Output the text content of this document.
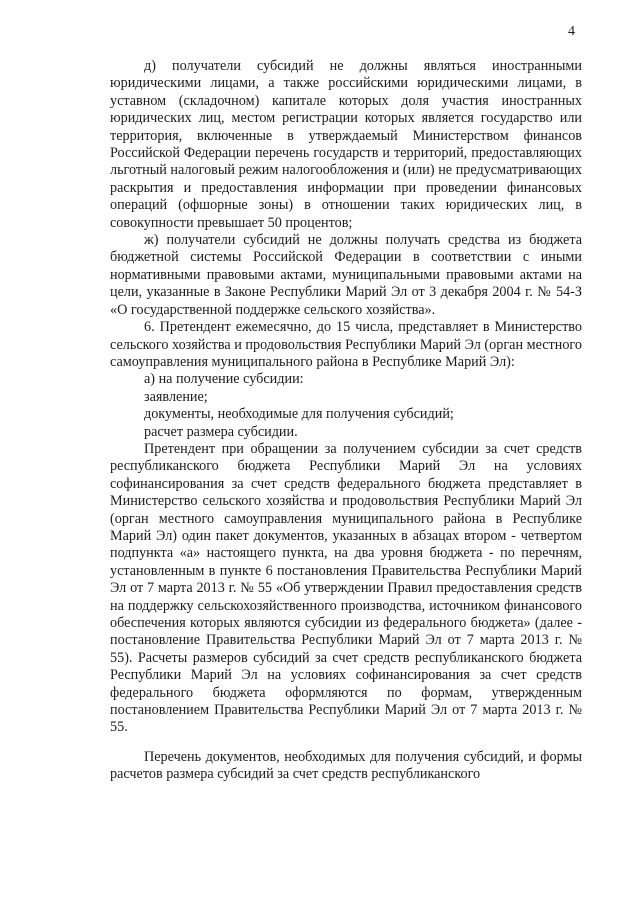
4

д) получатели субсидий не должны являться иностранными юридическими лицами, а также российскими юридическими лицами, в уставном (складочном) капитале которых доля участия иностранных юридических лиц, местом регистрации которых является государство или территория, включенные в утверждаемый Министерством финансов Российской Федерации перечень государств и территорий, предоставляющих льготный налоговый режим налогообложения и (или) не предусматривающих раскрытия и предоставления информации при проведении финансовых операций (офшорные зоны) в отношении таких юридических лиц, в совокупности превышает 50 процентов;

ж) получатели субсидий не должны получать средства из бюджета бюджетной системы Российской Федерации в соответствии с иными нормативными правовыми актами, муниципальными правовыми актами на цели, указанные в Законе Республики Марий Эл от 3 декабря 2004 г. № 54-З «О государственной поддержке сельского хозяйства».

6. Претендент ежемесячно, до 15 числа, представляет в Министерство сельского хозяйства и продовольствия Республики Марий Эл (орган местного самоуправления муниципального района в Республике Марий Эл):

а) на получение субсидии:

заявление;

документы, необходимые для получения субсидий;

расчет размера субсидии.

Претендент при обращении за получением субсидии за счет средств республиканского бюджета Республики Марий Эл на условиях софинансирования за счет средств федерального бюджета представляет в Министерство сельского хозяйства и продовольствия Республики Марий Эл (орган местного самоуправления муниципального района в Республике Марий Эл) один пакет документов, указанных в абзацах втором - четвертом подпункта «а» настоящего пункта, на два уровня бюджета - по перечням, установленным в пункте 6 постановления Правительства Республики Марий Эл от 7 марта 2013 г. № 55 «Об утверждении Правил предоставления средств на поддержку сельскохозяйственного производства, источником финансового обеспечения которых являются субсидии из федерального бюджета» (далее - постановление Правительства Республики Марий Эл от 7 марта 2013 г. № 55). Расчеты размеров субсидий за счет средств республиканского бюджета Республики Марий Эл на условиях софинансирования за счет средств федерального бюджета оформляются по формам, утвержденным постановлением Правительства Республики Марий Эл от 7 марта 2013 г. № 55.

Перечень документов, необходимых для получения субсидий, и формы расчетов размера субсидий за счет средств республиканского
